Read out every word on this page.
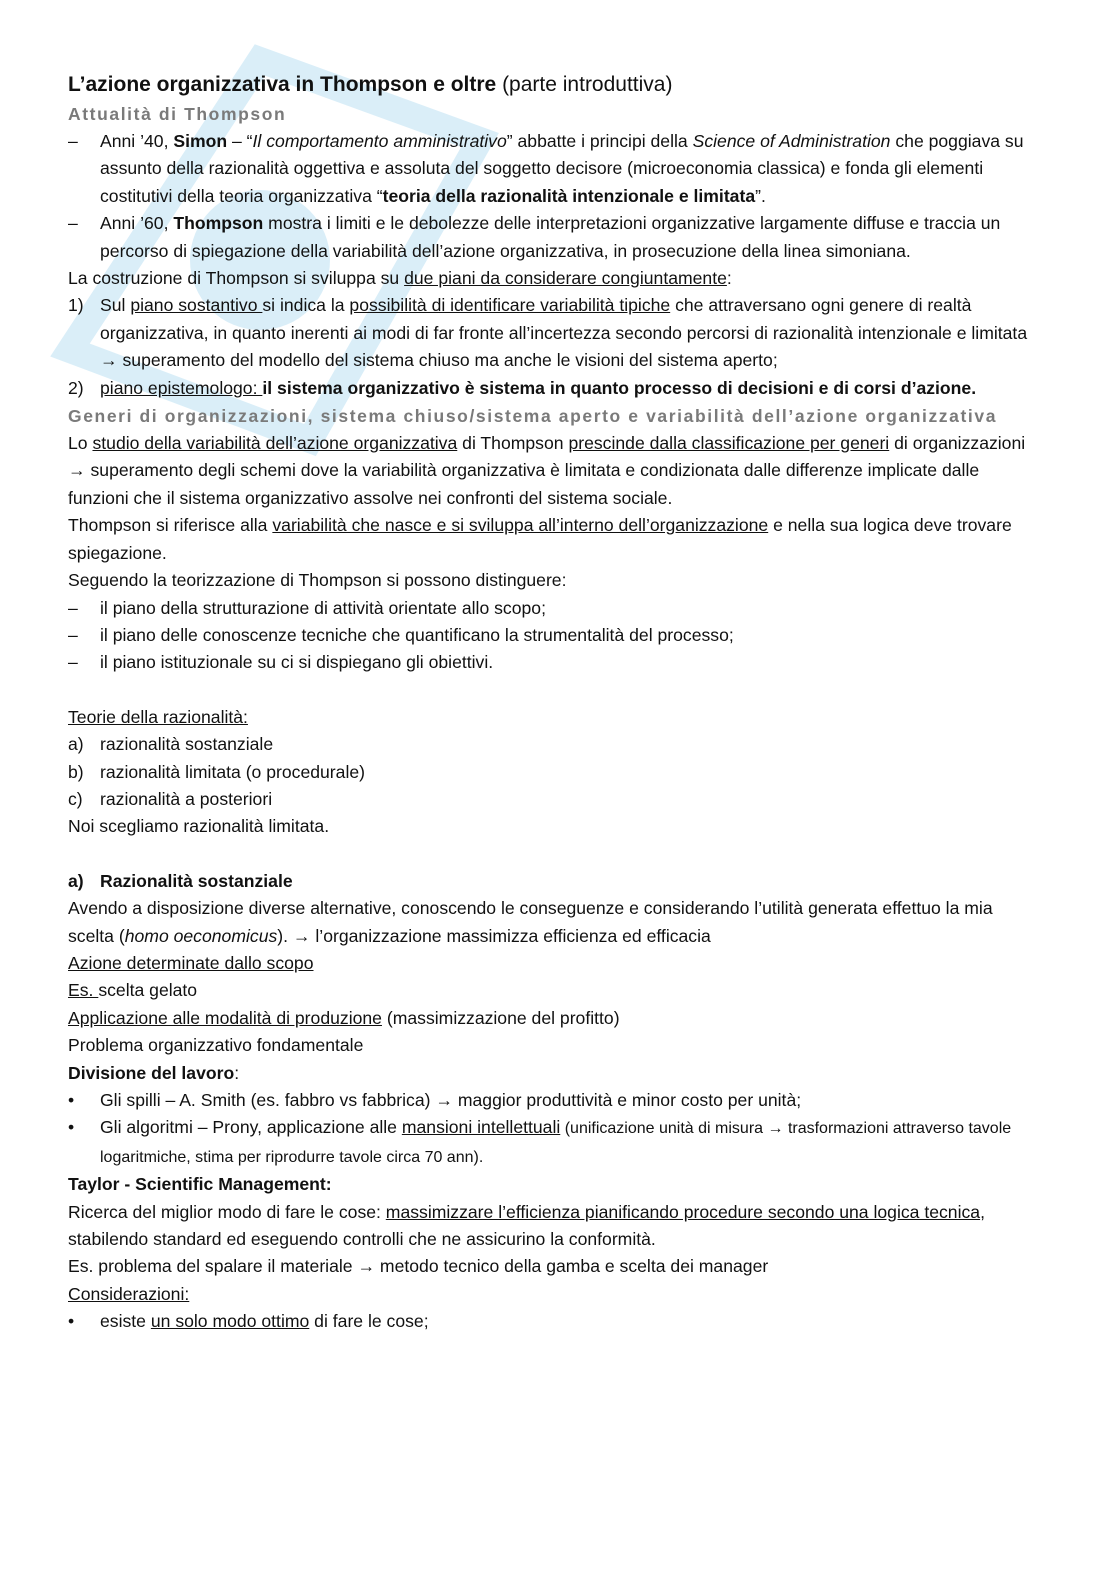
L’azione organizzativa in Thompson e oltre (parte introduttiva)

Attualità di Thompson

–	Anni ’40, Simon – “Il comportamento amministrativo” abbatte i principi della Science of Administration che poggiava su assunto della razionalità oggettiva e assoluta del soggetto decisore (microeconomia classica) e fonda gli elementi costitutivi della teoria organizzativa “teoria della razionalità intenzionale e limitata”.
–	Anni ’60, Thompson mostra i limiti e le debolezze delle interpretazioni organizzative largamente diffuse e traccia un percorso di spiegazione della variabilità dell’azione organizzativa, in prosecuzione della linea simoniana.

La costruzione di Thompson si sviluppa su due piani da considerare congiuntamente:

1) Sul piano sostantivo si indica la possibilità di identificare variabilità tipiche che attraversano ogni genere di realtà organizzativa, in quanto inerenti ai modi di far fronte all’incertezza secondo percorsi di razionalità intenzionale e limitata → superamento del modello del sistema chiuso ma anche le visioni del sistema aperto;
2) piano epistemologo: il sistema organizzativo è sistema in quanto processo di decisioni e di corsi d’azione.

Generi di organizzazioni, sistema chiuso/sistema aperto e variabilità dell’azione organizzativa

Lo studio della variabilità dell’azione organizzativa di Thompson prescinde dalla classificazione per generi di organizzazioni → superamento degli schemi dove la variabilità organizzativa è limitata e condizionata dalle differenze implicate dalle funzioni che il sistema organizzativo assolve nei confronti del sistema sociale.

Thompson si riferisce alla variabilità che nasce e si sviluppa all’interno dell’organizzazione e nella sua logica deve trovare spiegazione.

Seguendo la teorizzazione di Thompson si possono distinguere:

–	il piano della strutturazione di attività orientate allo scopo;
–	il piano delle conoscenze tecniche che quantificano la strumentalità del processo;
–	il piano istituzionale su ci si dispiegano gli obiettivi.

Teorie della razionalità:

a) razionalità sostanziale
b) razionalità limitata (o procedurale)
c) razionalità a posteriori

Noi scegliamo razionalità limitata.

a) Razionalità sostanziale

Avendo a disposizione diverse alternative, conoscendo le conseguenze e considerando l’utilità generata effettuo la mia scelta (homo oeconomicus). → l’organizzazione massimizza efficienza ed efficacia

Azione determinate dallo scopo

Es. scelta gelato

Applicazione alle modalità di produzione (massimizzazione del profitto)

Problema organizzativo fondamentale

Divisione del lavoro:

•	Gli spilli – A. Smith (es. fabbro vs fabbrica) → maggior produttività e minor costo per unità;
•	Gli algoritmi – Prony, applicazione alle mansioni intellettuali (unificazione unità di misura → trasformazioni attraverso tavole logaritmiche, stima per riprodurre tavole circa 70 ann).

Taylor - Scientific Management:

Ricerca del miglior modo di fare le cose: massimizzare l’efficienza pianificando procedure secondo una logica tecnica, stabilendo standard ed eseguendo controlli che ne assicurino la conformità.

Es. problema del spalare il materiale → metodo tecnico della gamba e scelta dei manager

Considerazioni:

•	esiste un solo modo ottimo di fare le cose;
